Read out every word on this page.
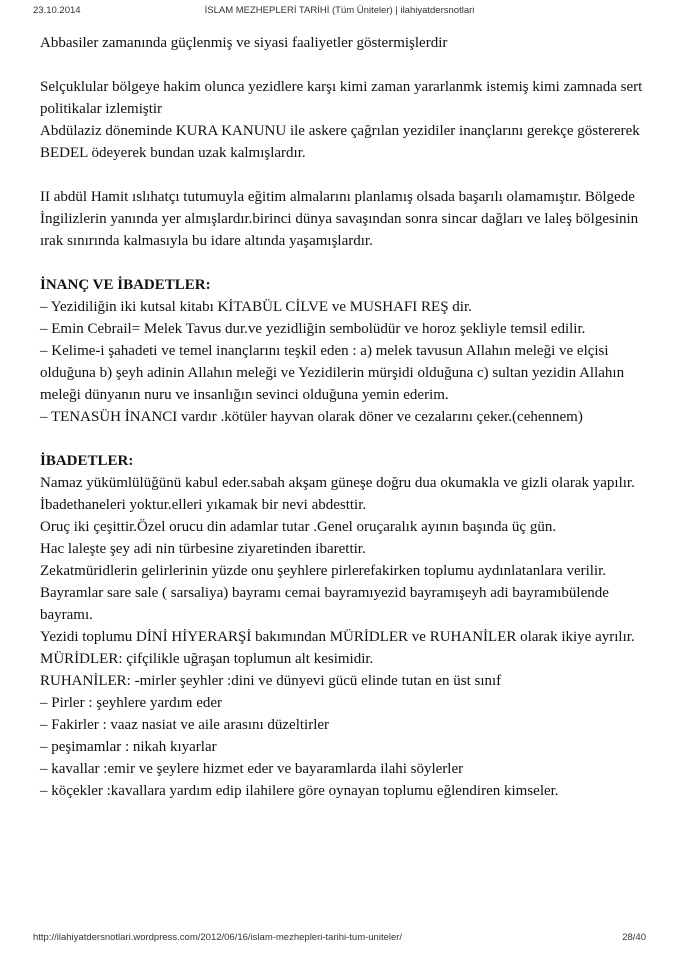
23.10.2014	İSLAM MEZHEPLERİ TARİHİ (Tüm Üniteler) | ilahiyatdersnotlari

Abbasiler zamanında güçlenmiş ve siyasi faaliyetler göstermişlerdir

Selçuklular bölgeye hakim olunca yezidlere karşı kimi zaman yararlanmk istemiş kimi zamnada sert politikalar izlemiştir

Abdülaziz döneminde KURA KANUNU ile askere çağrılan yezidiler inançlarını gerekçe göstererek BEDEL ödeyerek bundan uzak kalmışlardır.

II abdül Hamit ıslıhatçı tutumuyla eğitim almalarını planlamış olsada başarılı olamamıştır. Bölgede İngilizlerin yanında yer almışlardır.birinci dünya savaşından sonra sincar dağları ve laleş bölgesinin ırak sınırında kalmasıyla bu idare altında yaşamışlardır.

İNANÇ VE İBADETLER:

– Yezidiliğin iki kutsal kitabı KİTABÜL CİLVE ve MUSHAFI REŞ dir.

– Emin Cebrail= Melek Tavus dur.ve yezidliğin sembolüdür ve horoz şekliyle temsil edilir.

– Kelime-i şahadeti ve temel inançlarını teşkil eden : a) melek tavusun Allahın meleği ve elçisi olduğuna b) şeyh adinin Allahın meleği ve Yezidilerin mürşidi olduğuna c) sultan yezidin Allahın meleği dünyanın nuru ve insanlığın sevinci olduğuna yemin ederim.

– TENASÜH İNANCI vardır .kötüler hayvan olarak döner ve cezalarını çeker.(cehennem)

İBADETLER:

Namaz yükümlülüğünü kabul eder.sabah akşam güneşe doğru dua okumakla ve gizli olarak yapılır.

İbadethaneleri yoktur.elleri yıkamak bir nevi abdesttir.

Oruç iki çeşittir.Özel orucu din adamlar tutar .Genel oruçaralık ayının başında üç gün.

Hac laleşte şey adi nin türbesine ziyaretinden ibarettir.

Zekatmüridlerin gelirlerinin yüzde onu şeyhlere pirlerefakirken toplumu aydınlatanlara verilir.

Bayramlar sare sale ( sarsaliya) bayramı cemai bayramıyezid bayramışeyh adi bayramıbülende bayramı.

Yezidi toplumu DİNİ HİYERARŞİ bakımından MÜRİDLER ve RUHANİLER olarak ikiye ayrılır.

MÜRİDLER: çifçilikle uğraşan toplumun alt kesimidir.

RUHANİLER: -mirler şeyhler :dini ve dünyevi gücü elinde tutan en üst sınıf

– Pirler : şeyhlere yardım eder

– Fakirler : vaaz nasiat ve aile arasını düzeltirler

– peşimamlar : nikah kıyarlar

– kavallar :emir ve şeylere hizmet eder ve bayaramlarda ilahi söylerler

– köçekler :kavallara yardım edip ilahilere göre oynayan toplumu eğlendiren kimseler.

http://ilahiyatdersnotlari.wordpress.com/2012/06/16/islam-mezhepleri-tarihi-tum-uniteler/	28/40
